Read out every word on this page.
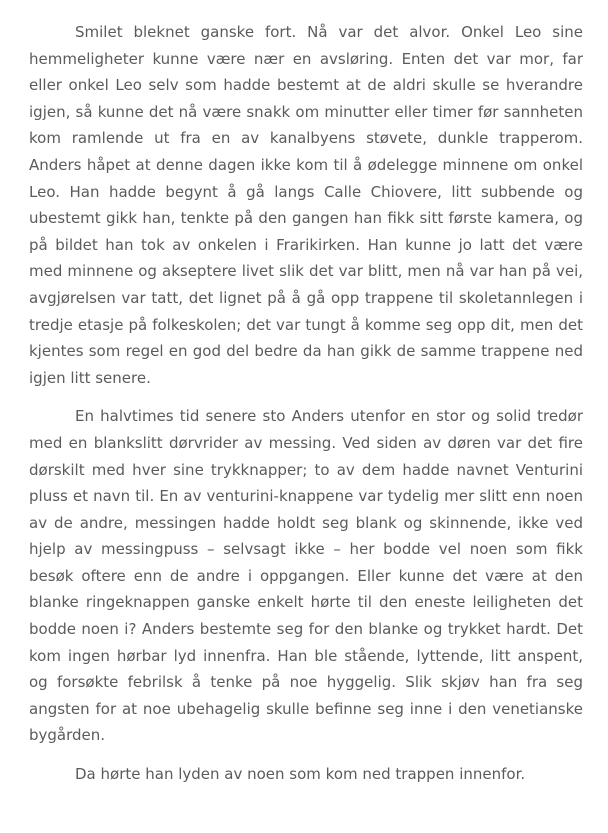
Smilet bleknet ganske fort. Nå var det alvor. Onkel Leo sine hemmeligheter kunne være nær en avsløring. Enten det var mor, far eller onkel Leo selv som hadde bestemt at de aldri skulle se hverandre igjen, så kunne det nå være snakk om minutter eller timer før sannheten kom ramlende ut fra en av kanalbyens støvete, dunkle trapperom. Anders håpet at denne dagen ikke kom til å ødelegge minnene om onkel Leo. Han hadde begynt å gå langs Calle Chiovere, litt subbende og ubestemt gikk han, tenkte på den gangen han fikk sitt første kamera, og på bildet han tok av onkelen i Frarikirken. Han kunne jo latt det være med minnene og akseptere livet slik det var blitt, men nå var han på vei, avgjørelsen var tatt, det lignet på å gå opp trappene til skoletannlegen i tredje etasje på folkeskolen; det var tungt å komme seg opp dit, men det kjentes som regel en god del bedre da han gikk de samme trappene ned igjen litt senere.

En halvtimes tid senere sto Anders utenfor en stor og solid tredør med en blankslitt dørvrider av messing. Ved siden av døren var det fire dørskilt med hver sine trykknapper; to av dem hadde navnet Venturini pluss et navn til. En av venturini-knappene var tydelig mer slitt enn noen av de andre, messingen hadde holdt seg blank og skinnende, ikke ved hjelp av messingpuss – selvsagt ikke – her bodde vel noen som fikk besøk oftere enn de andre i oppgangen. Eller kunne det være at den blanke ringeknappen ganske enkelt hørte til den eneste leiligheten det bodde noen i? Anders bestemte seg for den blanke og trykket hardt. Det kom ingen hørbar lyd innenfra. Han ble stående, lyttende, litt anspent, og forsøkte febrilsk å tenke på noe hyggelig. Slik skjøv han fra seg angsten for at noe ubehagelig skulle befinne seg inne i den venetianske bygården.

Da hørte han lyden av noen som kom ned trappen innenfor.
